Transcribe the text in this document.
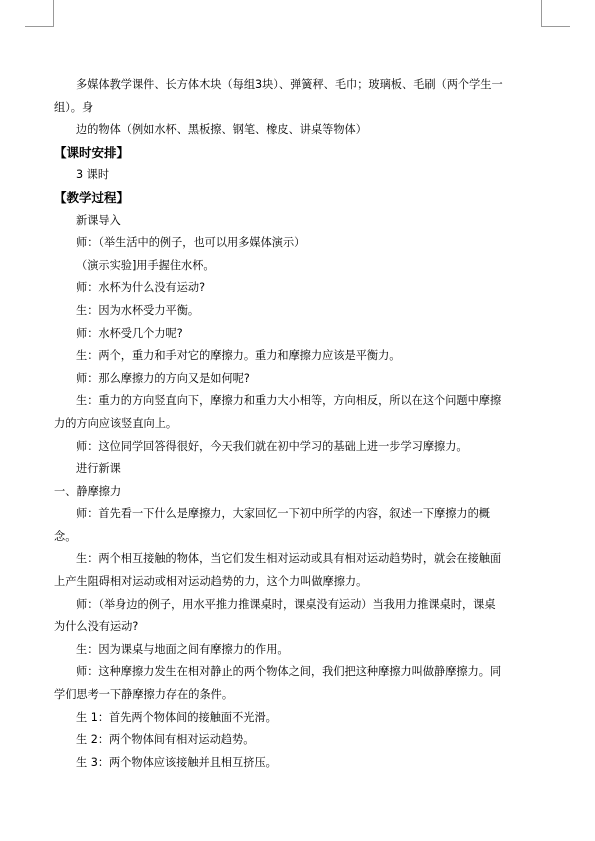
多媒体教学课件、长方体木块（每组3块）、弹簧秤、毛巾；玻璃板、毛刷（两个学生一

组）。身

边的物体（例如水杯、黑板擦、钢笔、橡皮、讲桌等物体）

【课时安排】

3 课时

【教学过程】

新课导入

师：（举生活中的例子，也可以用多媒体演示）

（演示实验]用手握住水杯。

师：水杯为什么没有运动?

生：因为水杯受力平衡。

师：水杯受几个力呢?

生：两个，重力和手对它的摩擦力。重力和摩擦力应该是平衡力。

师：那么摩擦力的方向又是如何呢?

生：重力的方向竖直向下，摩擦力和重力大小相等，方向相反，所以在这个问题中摩擦

力的方向应该竖直向上。

师：这位同学回答得很好，今天我们就在初中学习的基础上进一步学习摩擦力。

进行新课

一、静摩擦力

师：首先看一下什么是摩擦力，大家回忆一下初中所学的内容，叙述一下摩擦力的概

念。

生：两个相互接触的物体，当它们发生相对运动或具有相对运动趋势时，就会在接触面

上产生阻碍相对运动或相对运动趋势的力，这个力叫做摩擦力。

师：（举身边的例子，用水平推力推课桌时，课桌没有运动）当我用力推课桌时，课桌

为什么没有运动?

生：因为课桌与地面之间有摩擦力的作用。

师：这种摩擦力发生在相对静止的两个物体之间，我们把这种摩擦力叫做静摩擦力。同

学们思考一下静摩擦力存在的条件。

生 1：首先两个物体间的接触面不光滑。

生 2：两个物体间有相对运动趋势。

生 3：两个物体应该接触并且相互挤压。
